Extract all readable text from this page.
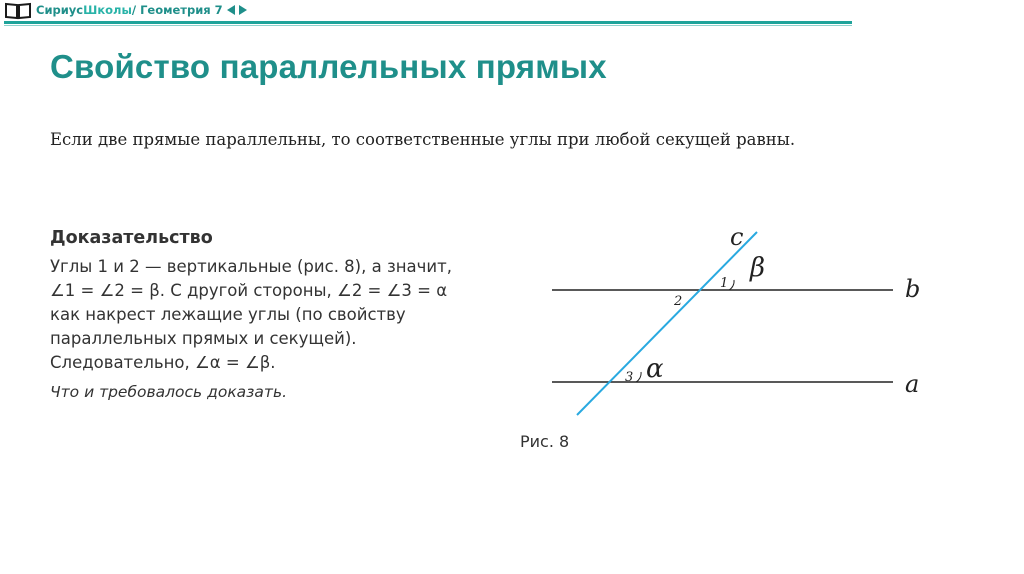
Сириус Школы / Геометрия 7
Свойство параллельных прямых
Если две прямые параллельны, то соответственные углы при любой секущей равны.
Доказательство
Углы 1 и 2 — вертикальные (рис. 8), а значит,
∠1 = ∠2 = β. С другой стороны, ∠2 = ∠3 = α
как накрест лежащие углы (по свойству
параллельных прямых и секущей).
Следовательно, ∠α = ∠β.
Что и требовалось доказать.
c
b
a
1
2
3
β
α
Рис. 8
